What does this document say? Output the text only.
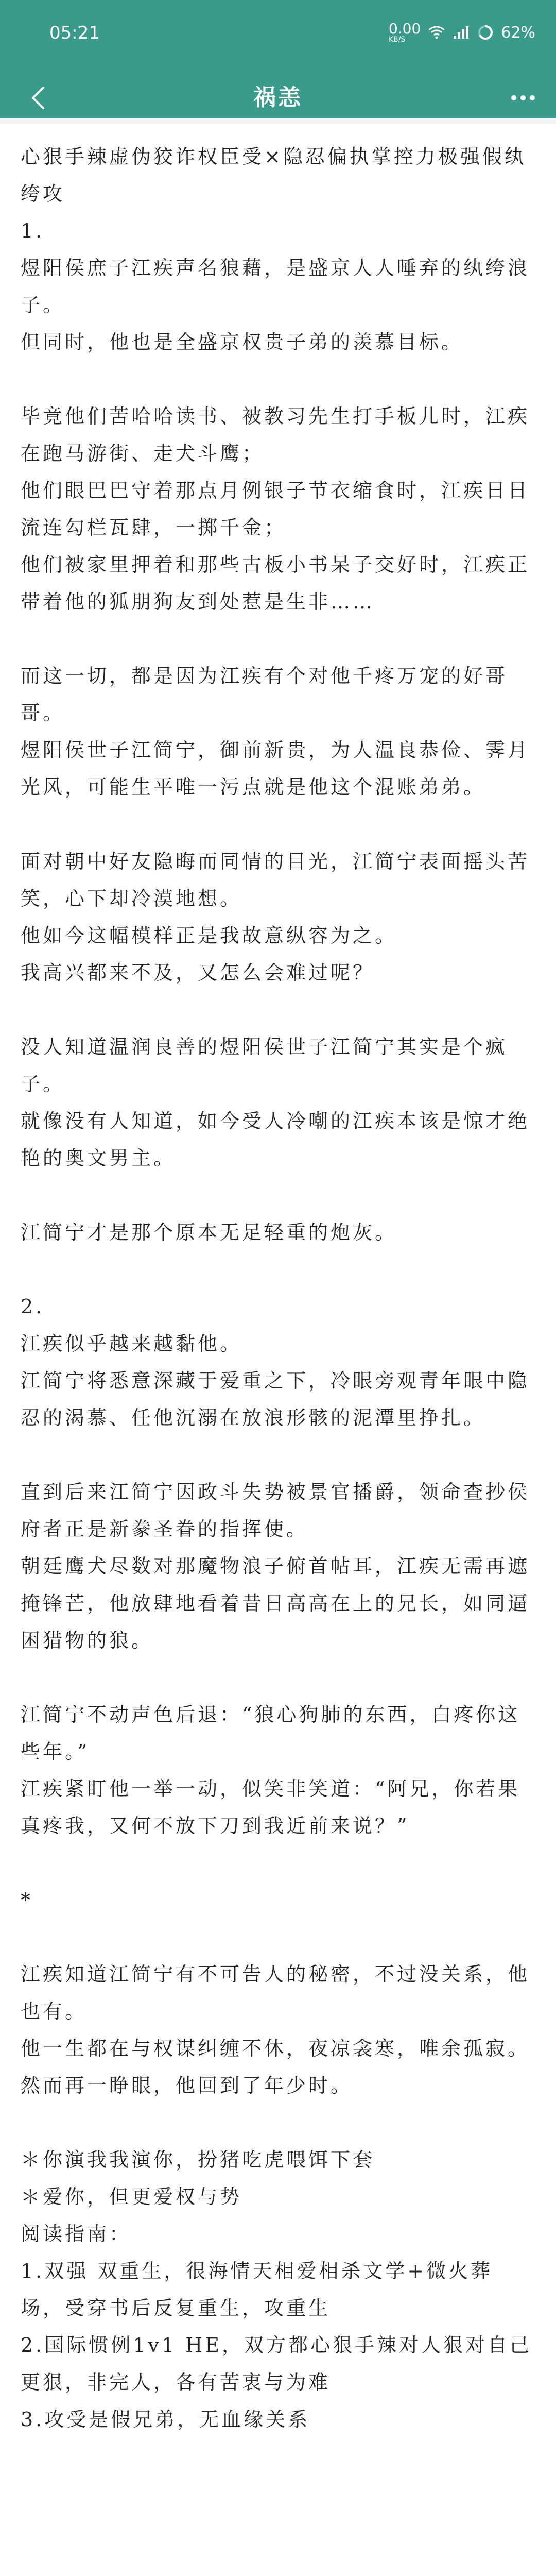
05:21	0.00
KB/S	62%
祸恙
心狠手辣虚伪狡诈权臣受×隐忍偏执掌控力极强假纨绔攻
1.
煜阳侯庶子江疾声名狼藉，是盛京人人唾弃的纨绔浪子。
但同时，他也是全盛京权贵子弟的羡慕目标。
毕竟他们苦哈哈读书、被教习先生打手板儿时，江疾在跑马游街、走犬斗鹰；
他们眼巴巴守着那点月例银子节衣缩食时，江疾日日流连勾栏瓦肆，一掷千金；
他们被家里押着和那些古板小书呆子交好时，江疾正带着他的狐朋狗友到处惹是生非……
而这一切，都是因为江疾有个对他千疼万宠的好哥哥。
煜阳侯世子江简宁，御前新贵，为人温良恭俭、霁月光风，可能生平唯一污点就是他这个混账弟弟。
面对朝中好友隐晦而同情的目光，江简宁表面摇头苦笑，心下却冷漠地想。
他如今这幅模样正是我故意纵容为之。
我高兴都来不及，又怎么会难过呢？
没人知道温润良善的煜阳侯世子江简宁其实是个疯子。
就像没有人知道，如今受人冷嘲的江疾本该是惊才绝艳的奥文男主。
江简宁才是那个原本无足轻重的炮灰。
2.
江疾似乎越来越黏他。
江简宁将悉意深藏于爱重之下，冷眼旁观青年眼中隐忍的渴慕、任他沉溺在放浪形骸的泥潭里挣扎。
直到后来江简宁因政斗失势被景官播爵，领命查抄侯府者正是新豢圣眷的指挥使。
朝廷鹰犬尽数对那魔物浪子俯首帖耳，江疾无需再遮掩锋芒，他放肆地看着昔日高高在上的兄长，如同逼困猎物的狼。
江简宁不动声色后退：“狼心狗肺的东西，白疼你这些年。”
江疾紧盯他一举一动，似笑非笑道：“阿兄，你若果真疼我，又何不放下刀到我近前来说？”
*
江疾知道江简宁有不可告人的秘密，不过没关系，他也有。
他一生都在与权谋纠缠不休，夜凉衾寒，唯余孤寂。
然而再一睁眼，他回到了年少时。
＊你演我我演你，扮猪吃虎喂饵下套
＊爱你，但更爱权与势
阅读指南：
1.双强 双重生，很海情天相爱相杀文学+微火葬场，受穿书后反复重生，攻重生
2.国际惯例1v1 HE，双方都心狠手辣对人狠对自己更狠，非完人，各有苦衷与为难
3.攻受是假兄弟，无血缘关系
